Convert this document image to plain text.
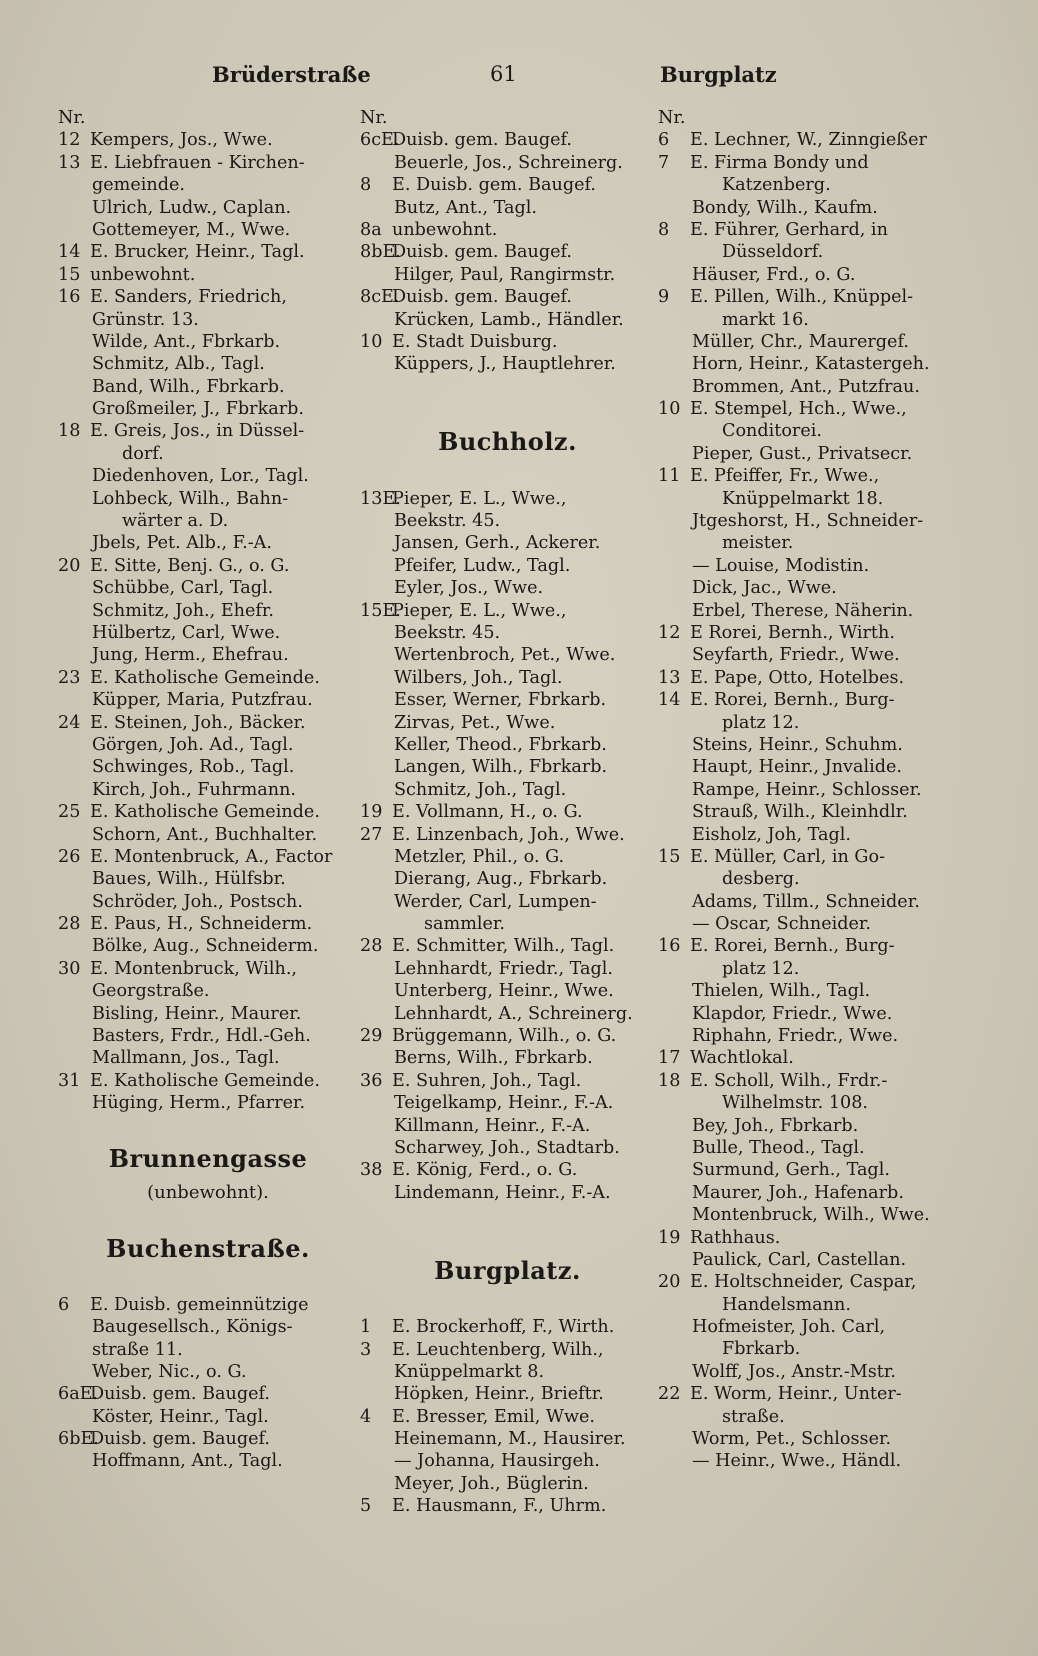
Brüderstraße	61	Burgplatz
Nr.
12 Kempers, Jos., Wwe.
13 E. Liebfrauen - Kirchen-
gemeinde.
Ulrich, Ludw., Caplan.
Gottemeyer, M., Wwe.
14 E. Brucker, Heinr., Tagl.
15 unbewohnt.
16 E. Sanders, Friedrich,
Grünstr. 13.
Wilde, Ant., Fbrkarb.
Schmitz, Alb., Tagl.
Band, Wilh., Fbrkarb.
Großmeiler, J., Fbrkarb.
18 E. Greis, Jos., in Düssel-
dorf.
Diedenhoven, Lor., Tagl.
Lohbeck, Wilh., Bahn-
wärter a. D.
Jbels, Pet. Alb., F.-A.
20 E. Sitte, Benj. G., o. G.
Schübbe, Carl, Tagl.
Schmitz, Joh., Ehefr.
Hülbertz, Carl, Wwe.
Jung, Herm., Ehefrau.
23 E. Katholische Gemeinde.
Küpper, Maria, Putzfrau.
24 E. Steinen, Joh., Bäcker.
Görgen, Joh. Ad., Tagl.
Schwinges, Rob., Tagl.
Kirch, Joh., Fuhrmann.
25 E. Katholische Gemeinde.
Schorn, Ant., Buchhalter.
26 E. Montenbruck, A., Factor
Baues, Wilh., Hülfsbr.
Schröder, Joh., Postsch.
28 E. Paus, H., Schneiderm.
Bölke, Aug., Schneiderm.
30 E. Montenbruck, Wilh.,
Georgstraße.
Bisling, Heinr., Maurer.
Basters, Frdr., Hdl.-Geh.
Mallmann, Jos., Tagl.
31 E. Katholische Gemeinde.
Hüging, Herm., Pfarrer.
Brunnengasse
(unbewohnt).
Buchenstraße.
6 E. Duisb. gemeinnützige
Baugesellsch., Königs-
straße 11.
Weber, Nic., o. G.
6aE.Duisb. gem. Baugef.
Köster, Heinr., Tagl.
6bE.Duisb. gem. Baugef.
Hoffmann, Ant., Tagl.
Nr.
6cE.Duisb. gem. Baugef.
Beuerle, Jos., Schreinerg.
8 E. Duisb. gem. Baugef.
Butz, Ant., Tagl.
8a unbewohnt.
8bE.Duisb. gem. Baugef.
Hilger, Paul, Rangirmstr.
8cE.Duisb. gem. Baugef.
Krücken, Lamb., Händler.
10 E. Stadt Duisburg.
Küppers, J., Hauptlehrer.
Buchholz.
13E.Pieper, E. L., Wwe.,
Beekstr. 45.
Jansen, Gerh., Ackerer.
Pfeifer, Ludw., Tagl.
Eyler, Jos., Wwe.
15E.Pieper, E. L., Wwe.,
Beekstr. 45.
Wertenbroch, Pet., Wwe.
Wilbers, Joh., Tagl.
Esser, Werner, Fbrkarb.
Zirvas, Pet., Wwe.
Keller, Theod., Fbrkarb.
Langen, Wilh., Fbrkarb.
Schmitz, Joh., Tagl.
19 E. Vollmann, H., o. G.
27 E. Linzenbach, Joh., Wwe.
Metzler, Phil., o. G.
Dierang, Aug., Fbrkarb.
Werder, Carl, Lumpen-
sammler.
28 E. Schmitter, Wilh., Tagl.
Lehnhardt, Friedr., Tagl.
Unterberg, Heinr., Wwe.
Lehnhardt, A., Schreinerg.
29 Brüggemann, Wilh., o. G.
Berns, Wilh., Fbrkarb.
36 E. Suhren, Joh., Tagl.
Teigelkamp, Heinr., F.-A.
Killmann, Heinr., F.-A.
Scharwey, Joh., Stadtarb.
38 E. König, Ferd., o. G.
Lindemann, Heinr., F.-A.
Burgplatz.
1 E. Brockerhoff, F., Wirth.
3 E. Leuchtenberg, Wilh.,
Knüppelmarkt 8.
Höpken, Heinr., Brieftr.
4 E. Bresser, Emil, Wwe.
Heinemann, M., Hausirer.
— Johanna, Hausirgeh.
Meyer, Joh., Büglerin.
5 E. Hausmann, F., Uhrm.
Nr.
6 E. Lechner, W., Zinngießer
7 E. Firma Bondy und
Katzenberg.
Bondy, Wilh., Kaufm.
8 E. Führer, Gerhard, in
Düsseldorf.
Häuser, Frd., o. G.
9 E. Pillen, Wilh., Knüppel-
markt 16.
Müller, Chr., Maurergef.
Horn, Heinr., Katastergeh.
Brommen, Ant., Putzfrau.
10 E. Stempel, Hch., Wwe.,
Conditorei.
Pieper, Gust., Privatsecr.
11 E. Pfeiffer, Fr., Wwe.,
Knüppelmarkt 18.
Jtgeshorst, H., Schneider-
meister.
— Louise, Modistin.
Dick, Jac., Wwe.
Erbel, Therese, Näherin.
12 E Rorei, Bernh., Wirth.
Seyfarth, Friedr., Wwe.
13 E. Pape, Otto, Hotelbes.
14 E. Rorei, Bernh., Burg-
platz 12.
Steins, Heinr., Schuhm.
Haupt, Heinr., Jnvalide.
Rampe, Heinr., Schlosser.
Strauß, Wilh., Kleinhdlr.
Eisholz, Joh, Tagl.
15 E. Müller, Carl, in Go-
desberg.
Adams, Tillm., Schneider.
— Oscar, Schneider.
16 E. Rorei, Bernh., Burg-
platz 12.
Thielen, Wilh., Tagl.
Klapdor, Friedr., Wwe.
Riphahn, Friedr., Wwe.
17 Wachtlokal.
18 E. Scholl, Wilh., Frdr.-
Wilhelmstr. 108.
Bey, Joh., Fbrkarb.
Bulle, Theod., Tagl.
Surmund, Gerh., Tagl.
Maurer, Joh., Hafenarb.
Montenbruck, Wilh., Wwe.
19 Rathhaus.
Paulick, Carl, Castellan.
20 E. Holtschneider, Caspar,
Handelsmann.
Hofmeister, Joh. Carl,
Fbrkarb.
Wolff, Jos., Anstr.-Mstr.
22 E. Worm, Heinr., Unter-
straße.
Worm, Pet., Schlosser.
— Heinr., Wwe., Händl.
